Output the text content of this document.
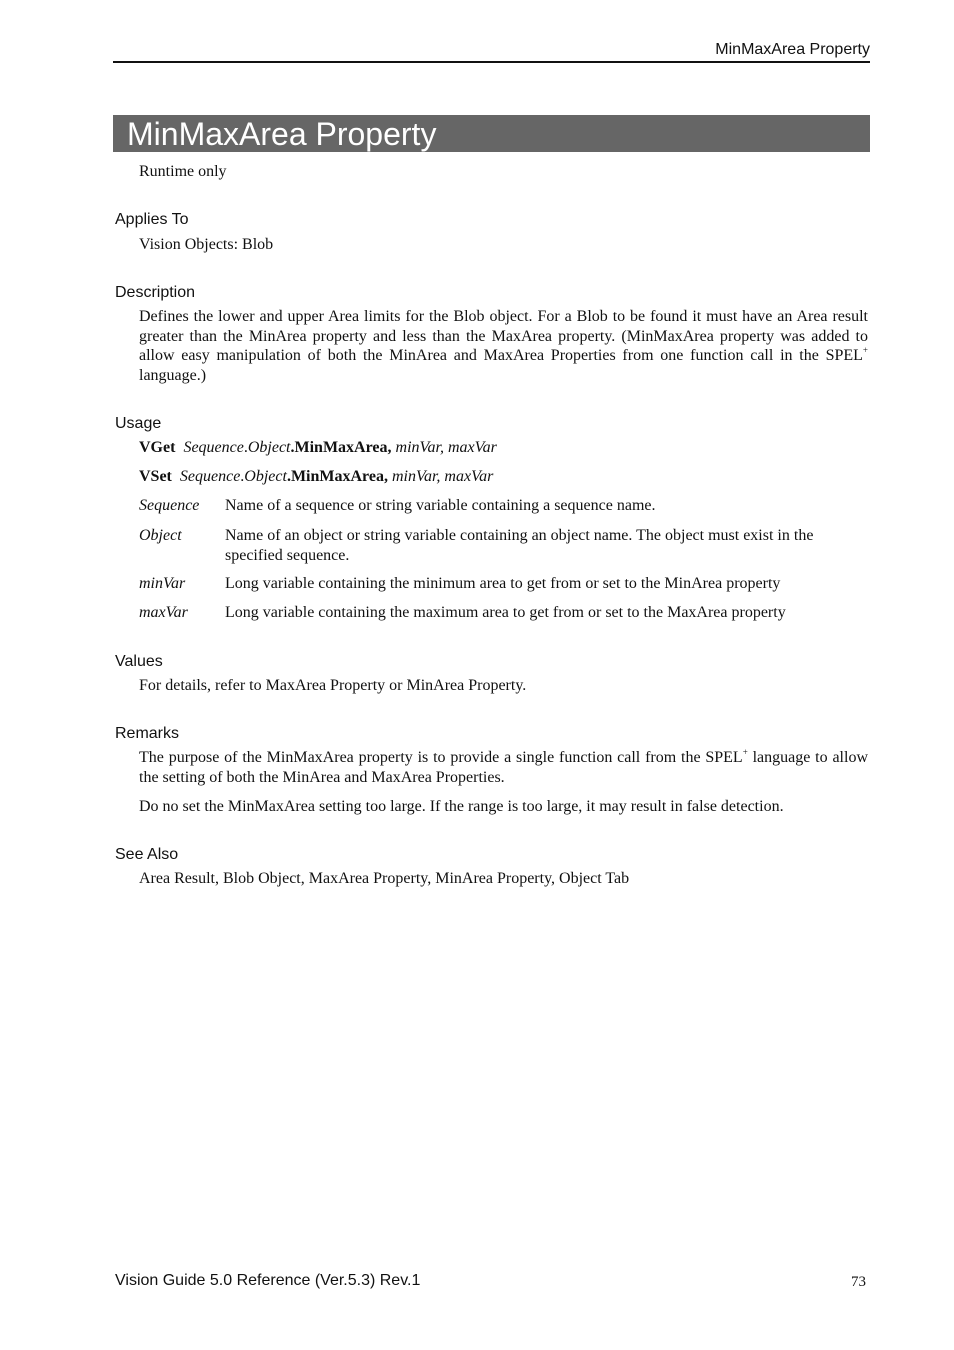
MinMaxArea Property
MinMaxArea Property
Runtime only
Applies To
Vision Objects: Blob
Description
Defines the lower and upper Area limits for the Blob object. For a Blob to be found it must have an Area result greater than the MinArea property and less than the MaxArea property. (MinMaxArea property was added to allow easy manipulation of both the MinArea and MaxArea Properties from one function call in the SPEL+ language.)
Usage
VGet Sequence.Object.MinMaxArea, minVar, maxVar
VSet Sequence.Object.MinMaxArea, minVar, maxVar
Sequence Name of a sequence or string variable containing a sequence name.
Object	Name of an object or string variable containing an object name. The object must exist in the specified sequence.
minVar Long variable containing the minimum area to get from or set to the MinArea property
maxVar Long variable containing the maximum area to get from or set to the MaxArea property
Values
For details, refer to MaxArea Property or MinArea Property.
Remarks
The purpose of the MinMaxArea property is to provide a single function call from the SPEL+ language to allow the setting of both the MinArea and MaxArea Properties.
Do no set the MinMaxArea setting too large. If the range is too large, it may result in false detection.
See Also
Area Result, Blob Object, MaxArea Property, MinArea Property, Object Tab
Vision Guide 5.0 Reference (Ver.5.3) Rev.1	73
